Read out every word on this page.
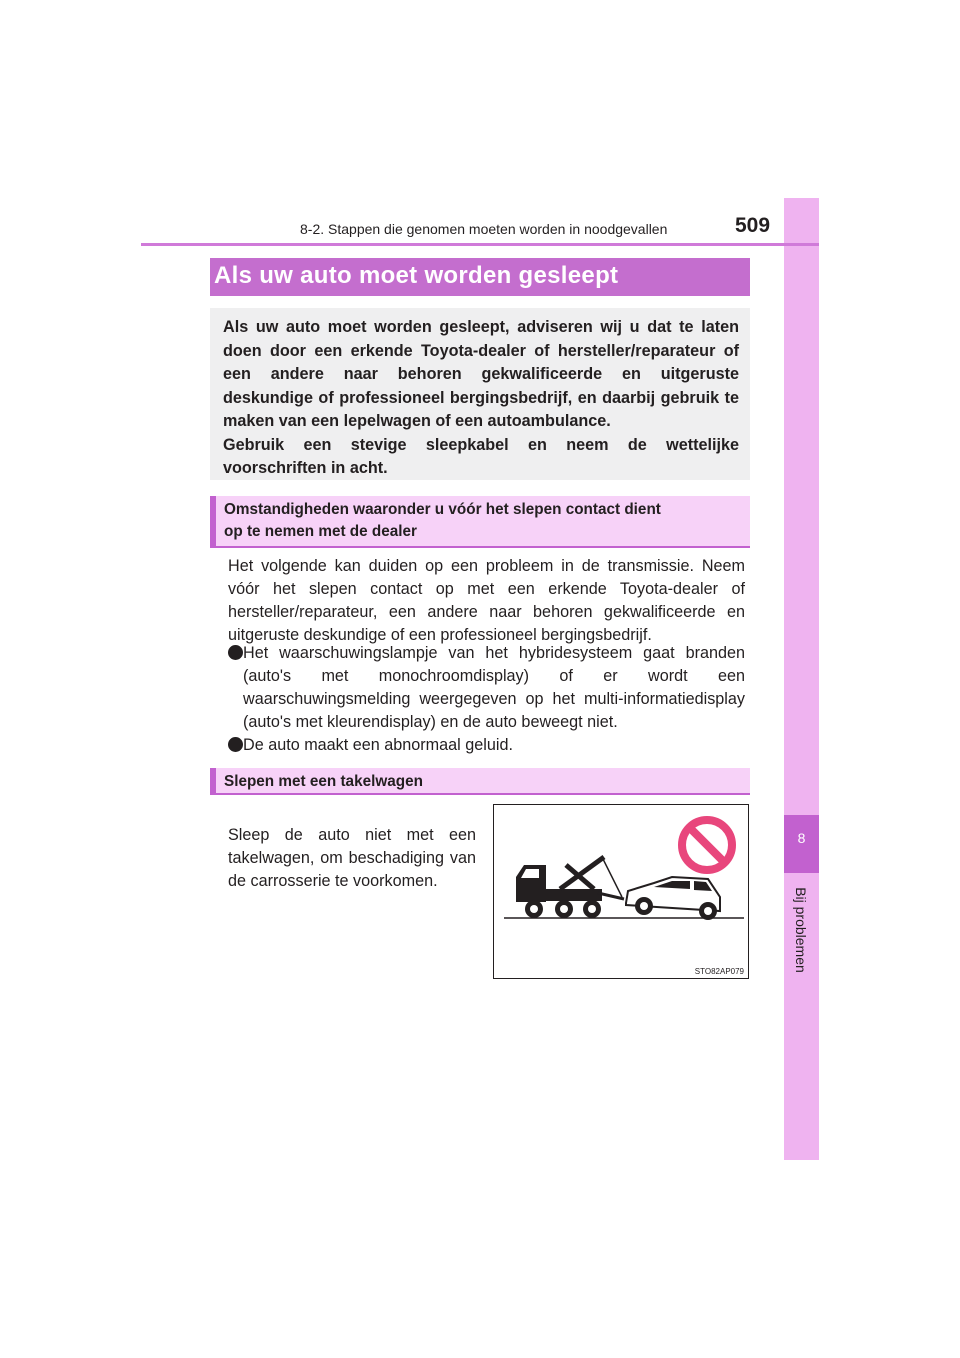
8
Bij problemen
8-2. Stappen die genomen moeten worden in noodgevallen	509
Als uw auto moet worden gesleept

Als uw auto moet worden gesleept, adviseren wij u dat te laten doen door een erkende Toyota-dealer of hersteller/reparateur of een andere naar behoren gekwalificeerde en uitgeruste deskundige of professioneel bergingsbedrijf, en daarbij gebruik te maken van een lepelwagen of een autoambulance.

Gebruik een stevige sleepkabel en neem de wettelijke voorschriften in acht.

Omstandigheden waaronder u vóór het slepen contact dient

op te nemen met de dealer

Het volgende kan duiden op een probleem in de transmissie. Neem vóór het slepen contact op met een erkende Toyota-dealer of hersteller/reparateur, een andere naar behoren gekwalificeerde en uitgeruste deskundige of een professioneel bergingsbedrijf.

Het waarschuwingslampje van het hybridesysteem gaat branden (auto's met monochroomdisplay) of er wordt een waarschuwingsmelding weergegeven op het multi-informatiedisplay (auto's met kleurendisplay) en de auto beweegt niet.

De auto maakt een abnormaal geluid.

Slepen met een takelwagen

Sleep de auto niet met een takelwagen, om beschadiging van de carrosserie te voorkomen.

STO82AP079
